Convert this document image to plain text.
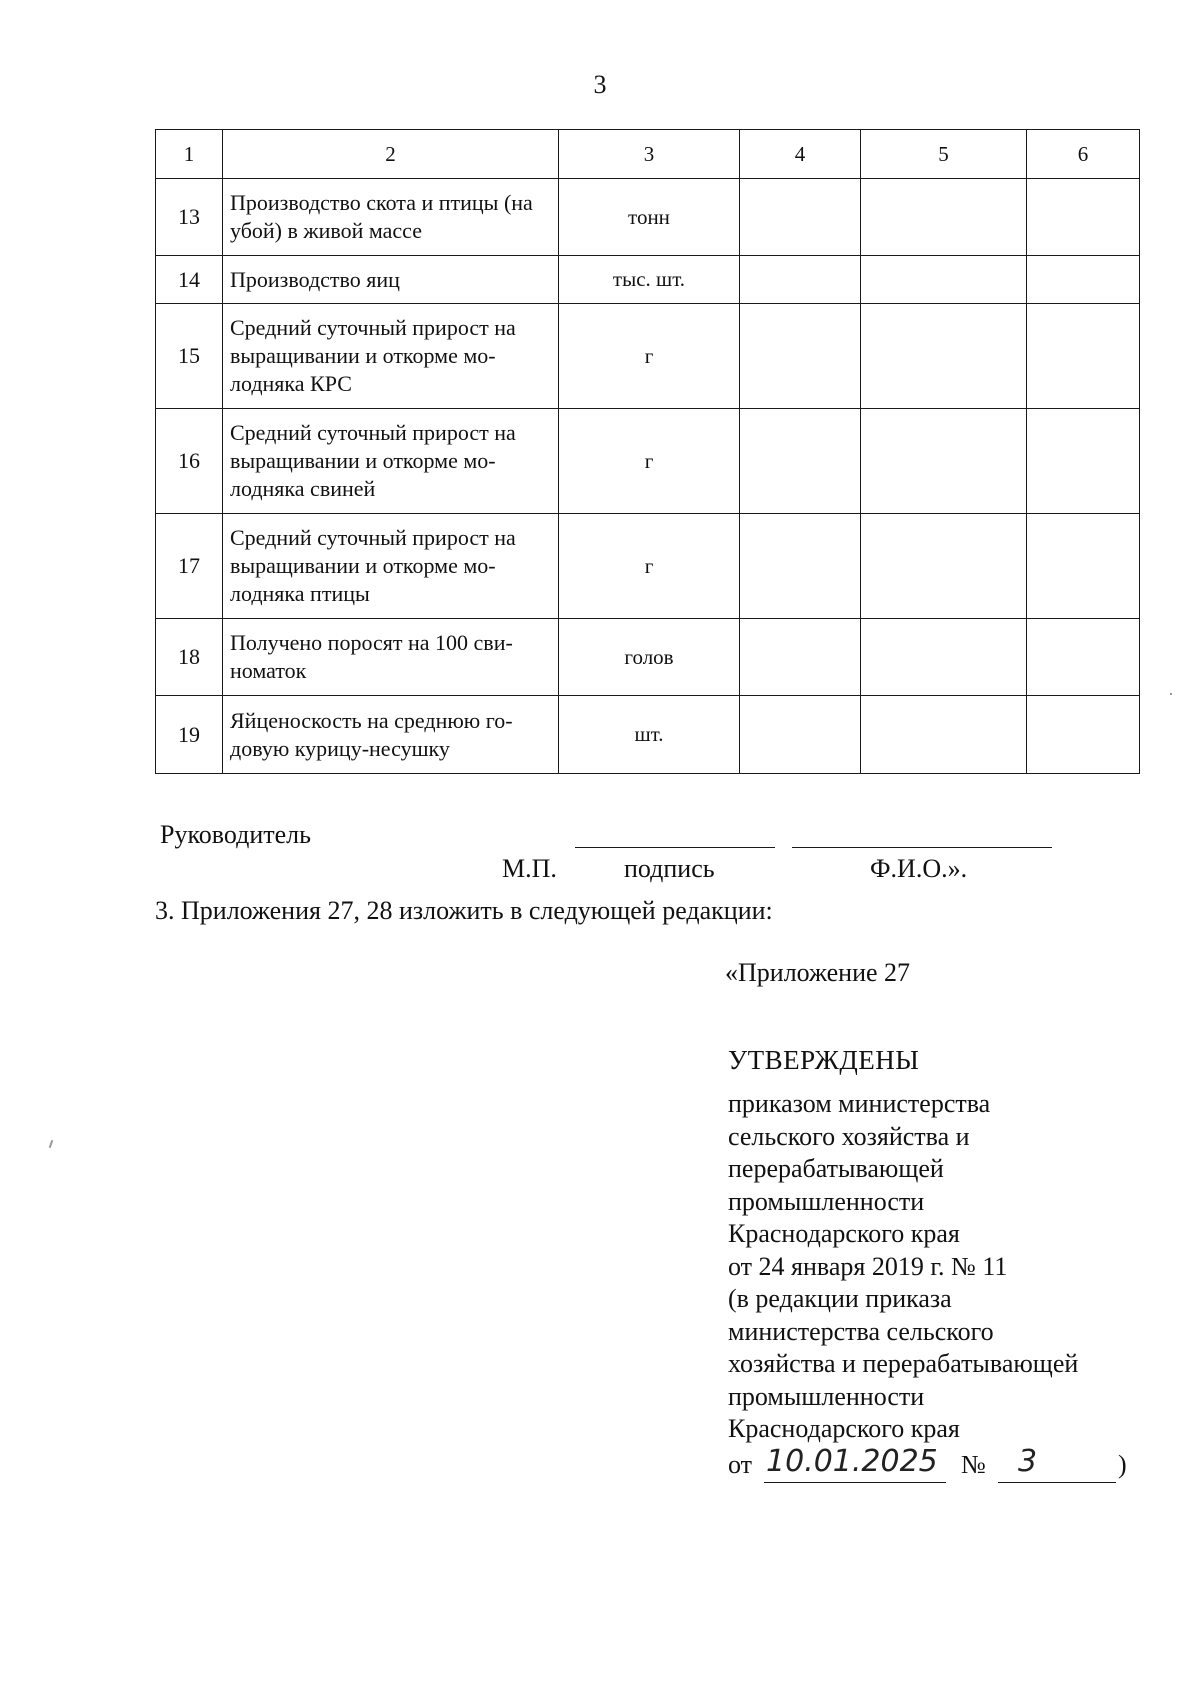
3
1	2	3	4	5	6
13	Производство скота и птицы (на убой) в живой массе	тонн			
14	Производство яиц	тыс. шт.			
15	Средний суточный прирост на выращивании и откорме мо-лодняка КРС	г			
16	Средний суточный прирост на выращивании и откорме мо-лодняка свиней	г			
17	Средний суточный прирост на выращивании и откорме мо-лодняка птицы	г			
18	Получено поросят на 100 сви-номаток	голов			
19	Яйценоскость на среднюю го-довую курицу-несушку	шт.			
Руководитель
М.П.	подпись	Ф.И.О.».
3. Приложения 27, 28 изложить в следующей редакции:
«Приложение 27
УТВЕРЖДЕНЫ
приказом министерства
сельского хозяйства и
перерабатывающей
промышленности
Краснодарского края
от 24 января 2019 г. № 11
(в редакции приказа
министерства сельского
хозяйства и перерабатывающей
промышленности
Краснодарского края
от 10.01.2025 № 3	)
